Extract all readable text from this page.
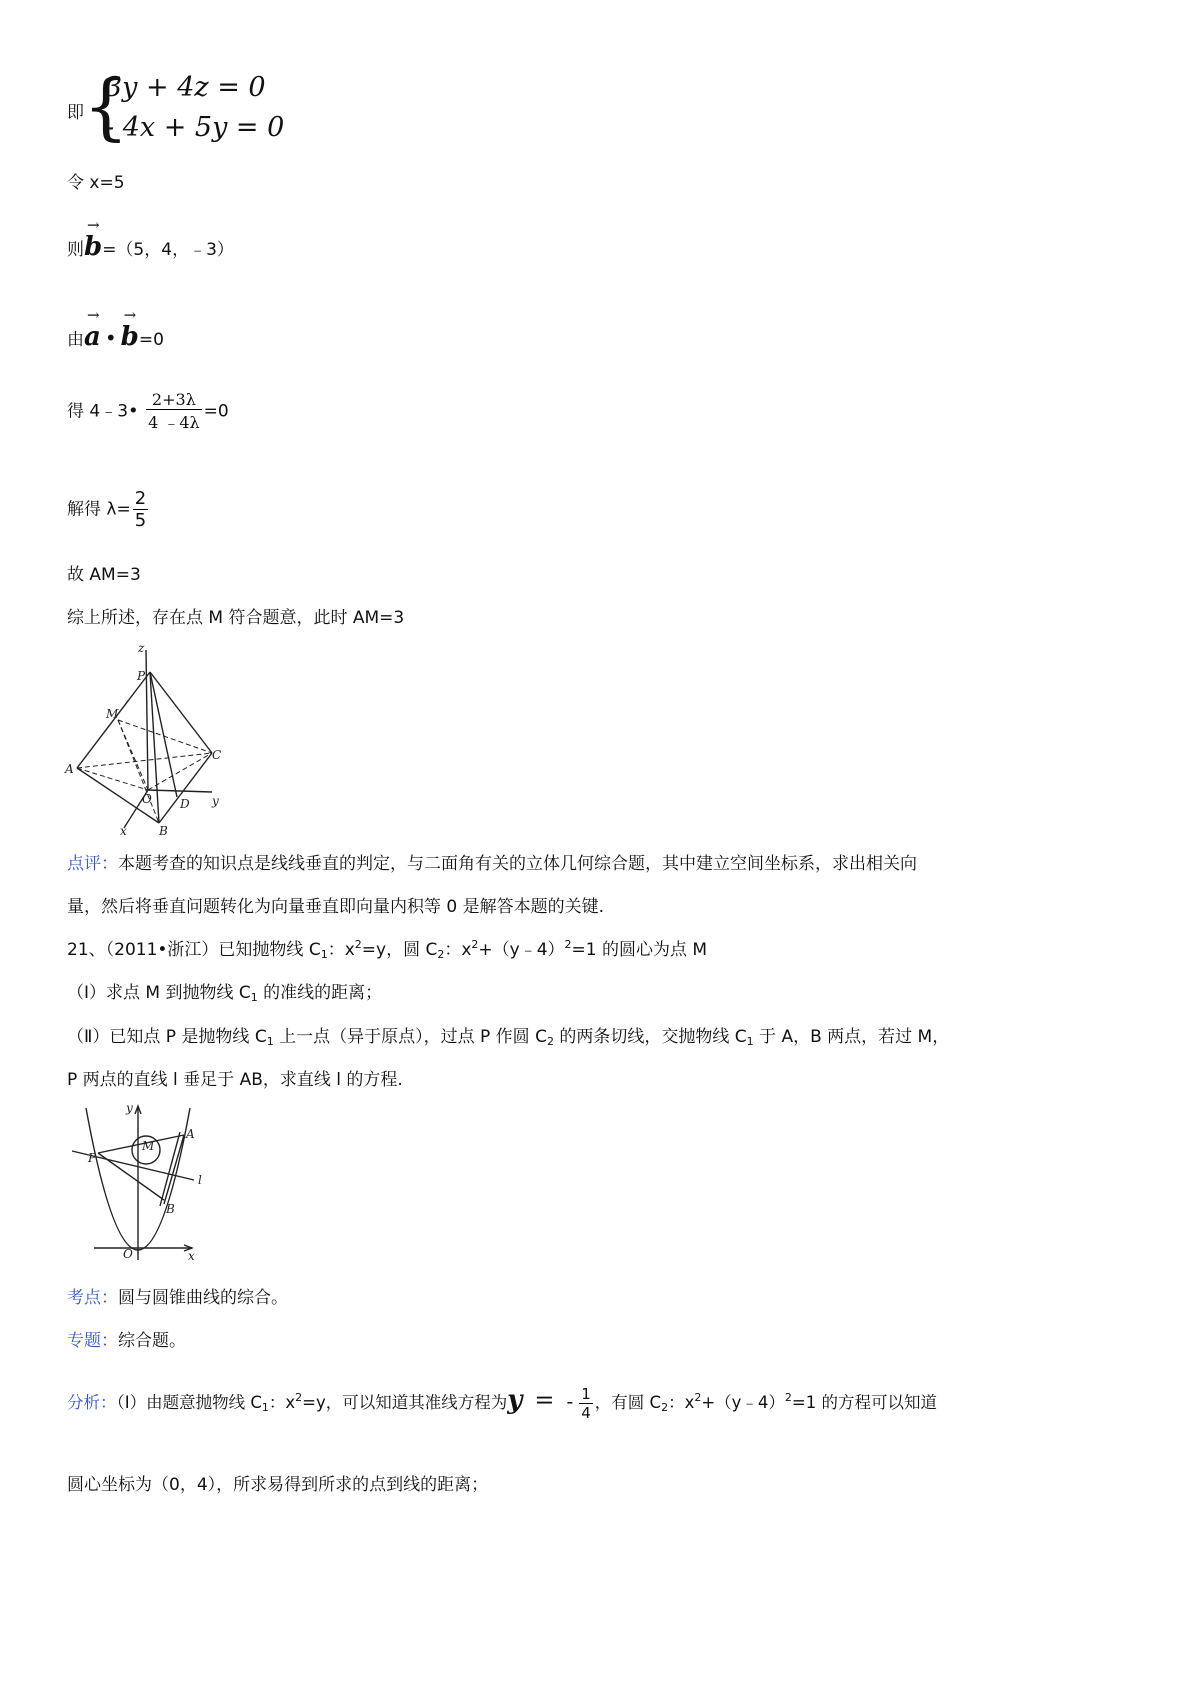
即 {
3y + 4z = 0
- 4x + 5y = 0
令 x=5
则
→
b=（5，4，﹣3）
由
→
a •
→
b=0
得 4﹣3• $\frac{2+3\lambda}{4 ﹣4\lambda} =0$
解得 $\lambda= \frac{2}{5}$
故 AM=3
综上所述，存在点 M 符合题意，此时 AM=3
z
P
M
C
A
O D y
x	B
点评：本题考查的知识点是线线垂直的判定，与二面角有关的立体几何综合题，其中建立空间坐标系，求出相关向
量，然后将垂直问题转化为向量垂直即向量内积等 0 是解答本题的关键.
21、（2011•浙江）已知抛物线 $C_1$：$x^2=y$，圆 $C_2$：$x^2+(y﹣4)^2=1$ 的圆心为点 M
（Ⅰ）求点 M 到抛物线 $C_1$ 的准线的距离；
（Ⅱ）已知点 P 是抛物线 $C_1$ 上一点（异于原点），过点 P 作圆 $C_2$ 的两条切线，交抛物线 $C_1$ 于 A，B 两点，若过 M，
P 两点的直线 l 垂足于 AB，求直线 l 的方程.
y
A
P
M
l
B
O	x
考点：圆与圆锥曲线的综合。
专题：综合题。
分析：（I）由题意抛物线 $C_1$：$x^2=y$，可以知道其准线方程为y = - $\frac{1}{4}$ ，有圆 $C_2$：$x^2+(y﹣4)^2=1$ 的方程可以知道
圆心坐标为（0，4），所求易得到所求的点到线的距离；
